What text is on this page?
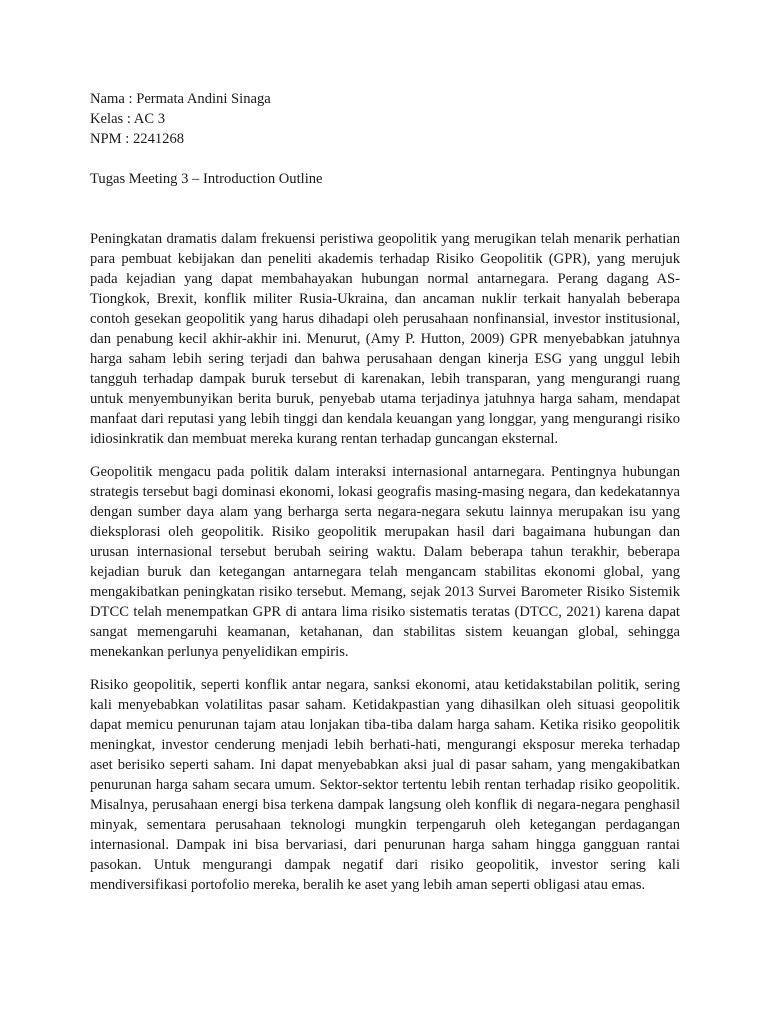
Nama : Permata Andini Sinaga

Kelas : AC 3

NPM : 2241268

Tugas Meeting 3 – Introduction Outline

Peningkatan dramatis dalam frekuensi peristiwa geopolitik yang merugikan telah menarik perhatian para pembuat kebijakan dan peneliti akademis terhadap Risiko Geopolitik (GPR), yang merujuk pada kejadian yang dapat membahayakan hubungan normal antarnegara. Perang dagang AS-Tiongkok, Brexit, konflik militer Rusia-Ukraina, dan ancaman nuklir terkait hanyalah beberapa contoh gesekan geopolitik yang harus dihadapi oleh perusahaan nonfinansial, investor institusional, dan penabung kecil akhir-akhir ini. Menurut, (Amy P. Hutton, 2009) GPR menyebabkan jatuhnya harga saham lebih sering terjadi dan bahwa perusahaan dengan kinerja ESG yang unggul lebih tangguh terhadap dampak buruk tersebut di karenakan, lebih transparan, yang mengurangi ruang untuk menyembunyikan berita buruk, penyebab utama terjadinya jatuhnya harga saham, mendapat manfaat dari reputasi yang lebih tinggi dan kendala keuangan yang longgar, yang mengurangi risiko idiosinkratik dan membuat mereka kurang rentan terhadap guncangan eksternal.

Geopolitik mengacu pada politik dalam interaksi internasional antarnegara. Pentingnya hubungan strategis tersebut bagi dominasi ekonomi, lokasi geografis masing-masing negara, dan kedekatannya dengan sumber daya alam yang berharga serta negara-negara sekutu lainnya merupakan isu yang dieksplorasi oleh geopolitik. Risiko geopolitik merupakan hasil dari bagaimana hubungan dan urusan internasional tersebut berubah seiring waktu. Dalam beberapa tahun terakhir, beberapa kejadian buruk dan ketegangan antarnegara telah mengancam stabilitas ekonomi global, yang mengakibatkan peningkatan risiko tersebut. Memang, sejak 2013 Survei Barometer Risiko Sistemik DTCC telah menempatkan GPR di antara lima risiko sistematis teratas (DTCC, 2021) karena dapat sangat memengaruhi keamanan, ketahanan, dan stabilitas sistem keuangan global, sehingga menekankan perlunya penyelidikan empiris.

Risiko geopolitik, seperti konflik antar negara, sanksi ekonomi, atau ketidakstabilan politik, sering kali menyebabkan volatilitas pasar saham. Ketidakpastian yang dihasilkan oleh situasi geopolitik dapat memicu penurunan tajam atau lonjakan tiba-tiba dalam harga saham. Ketika risiko geopolitik meningkat, investor cenderung menjadi lebih berhati-hati, mengurangi eksposur mereka terhadap aset berisiko seperti saham. Ini dapat menyebabkan aksi jual di pasar saham, yang mengakibatkan penurunan harga saham secara umum. Sektor-sektor tertentu lebih rentan terhadap risiko geopolitik. Misalnya, perusahaan energi bisa terkena dampak langsung oleh konflik di negara-negara penghasil minyak, sementara perusahaan teknologi mungkin terpengaruh oleh ketegangan perdagangan internasional. Dampak ini bisa bervariasi, dari penurunan harga saham hingga gangguan rantai pasokan. Untuk mengurangi dampak negatif dari risiko geopolitik, investor sering kali mendiversifikasi portofolio mereka, beralih ke aset yang lebih aman seperti obligasi atau emas.
